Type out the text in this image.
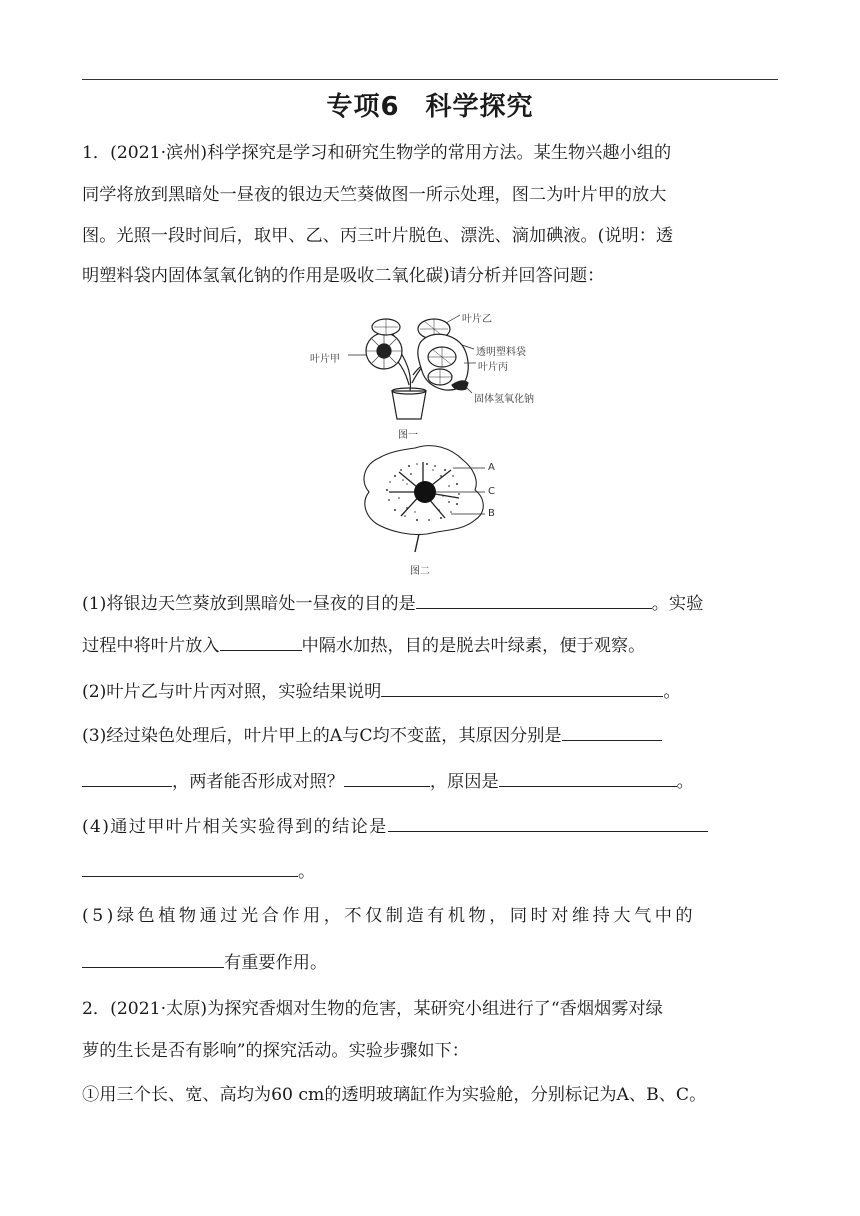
专项6 科学探究
1．(2021·滨州)科学探究是学习和研究生物学的常用方法。某生物兴趣小组的
同学将放到黑暗处一昼夜的银边天竺葵做图一所示处理，图二为叶片甲的放大
图。光照一段时间后，取甲、乙、丙三叶片脱色、漂洗、滴加碘液。(说明：透
明塑料袋内固体氢氧化钠的作用是吸收二氧化碳)请分析并回答问题：
叶片甲
叶片乙
透明塑料袋
叶片丙
固体氢氧化钠
图一
A
C
B
图二
(1)将银边天竺葵放到黑暗处一昼夜的目的是	。实验
过程中将叶片放入	中隔水加热，目的是脱去叶绿素，便于观察。
(2)叶片乙与叶片丙对照，实验结果说明	。
(3)经过染色处理后，叶片甲上的A与C均不变蓝，其原因分别是
，两者能否形成对照？	，原因是	。
(4)通过甲叶片相关实验得到的结论是
。
(5)绿色植物通过光合作用，不仅制造有机物，同时对维持大气中的
有重要作用。
2．(2021·太原)为探究香烟对生物的危害，某研究小组进行了“香烟烟雾对绿
萝的生长是否有影响”的探究活动。实验步骤如下：
①用三个长、宽、高均为60 cm的透明玻璃缸作为实验舱，分别标记为A、B、C。
